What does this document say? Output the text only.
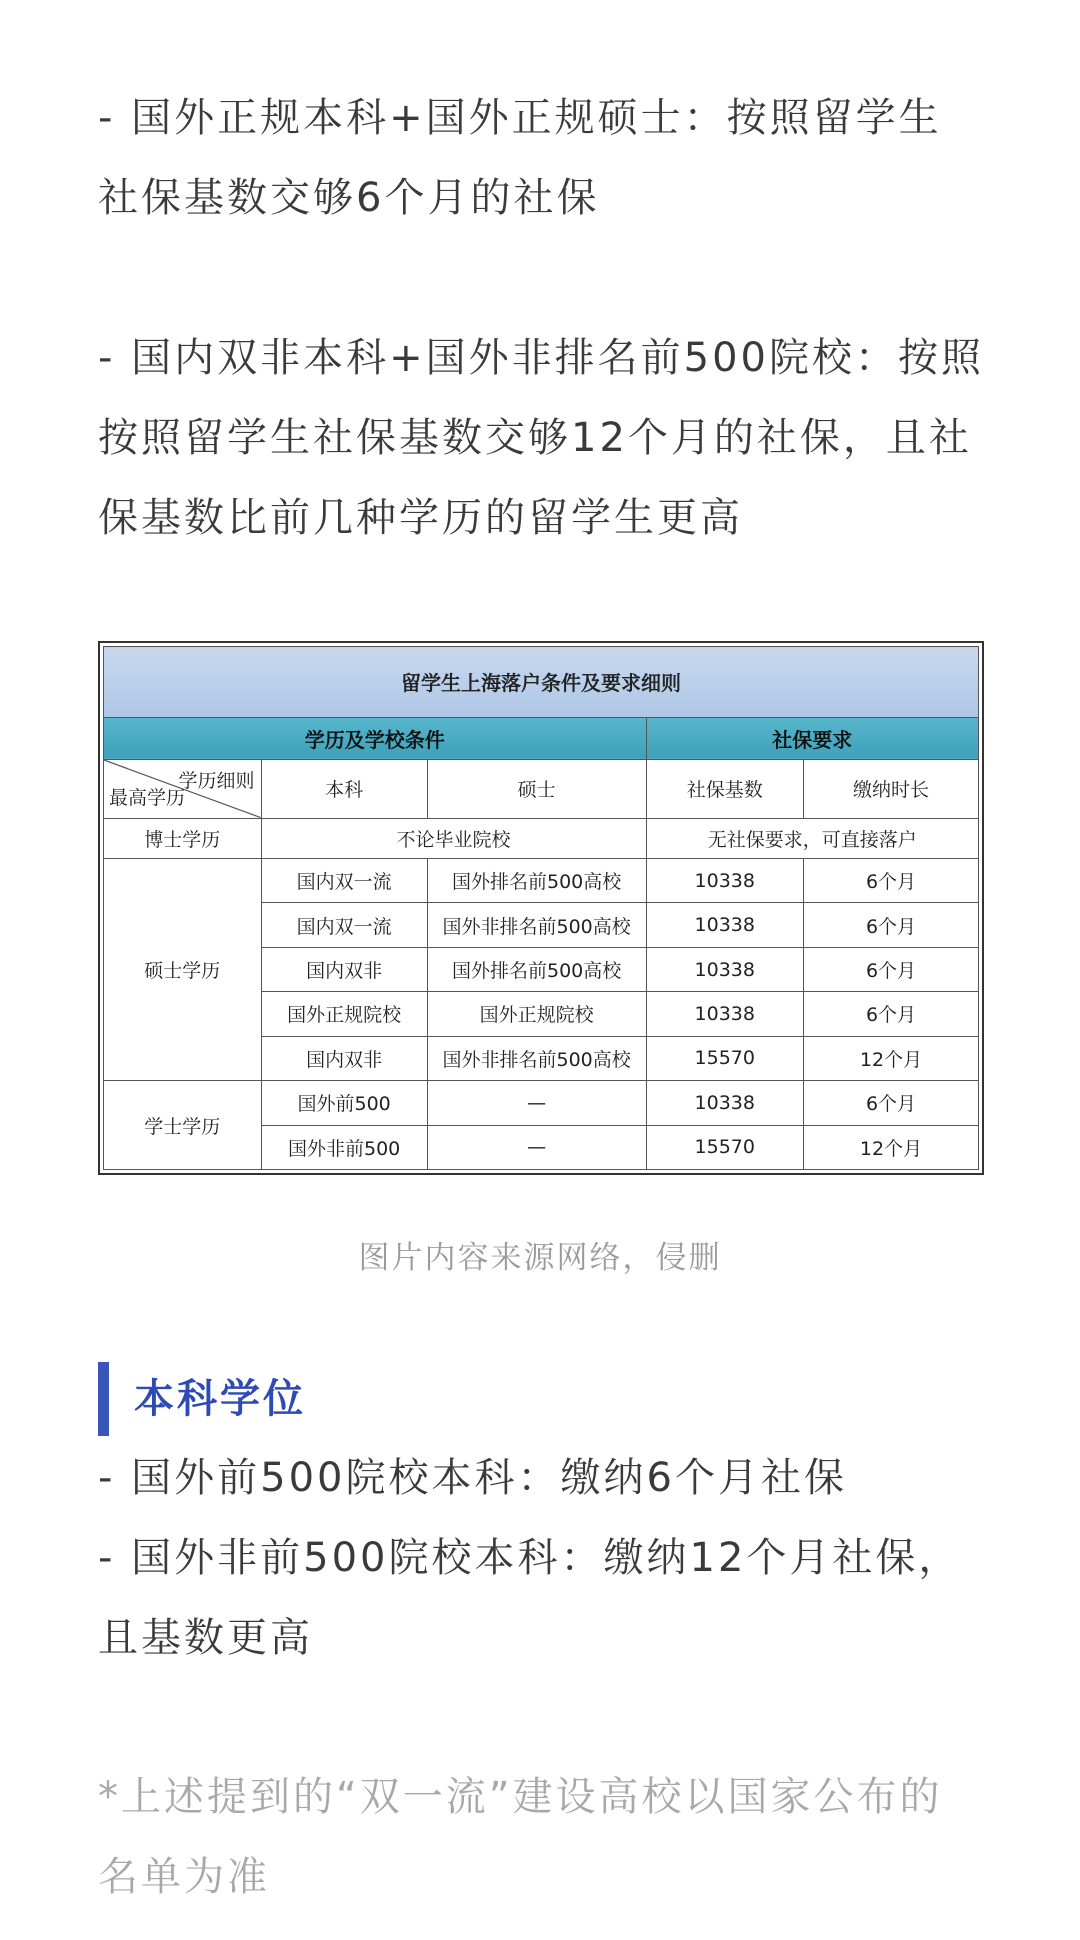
- 国外正规本科+国外正规硕士：按照留学生社保基数交够6个月的社保

- 国内双非本科+国外非排名前500院校：按照按照留学生社保基数交够12个月的社保，且社保基数比前几种学历的留学生更高

留学生上海落户条件及要求细则				
学历及学校条件			社保要求	

学历细则
最高学历	本科	硕士	社保基数	缴纳时长
博士学历	不论毕业院校		无社保要求，可直接落户	
硕士学历	国内双一流	国外排名前500高校	10338	6个月
	国内双一流	国外非排名前500高校	10338	6个月
	国内双非	国外排名前500高校	10338	6个月
	国外正规院校	国外正规院校	10338	6个月
	国内双非	国外非排名前500高校	15570	12个月
学士学历	国外前500	—	10338	6个月
	国外非前500	—	15570	12个月

图片内容来源网络，侵删

本科学位

- 国外前500院校本科：缴纳6个月社保

- 国外非前500院校本科：缴纳12个月社保，且基数更高

*上述提到的“双一流”建设高校以国家公布的名单为准
